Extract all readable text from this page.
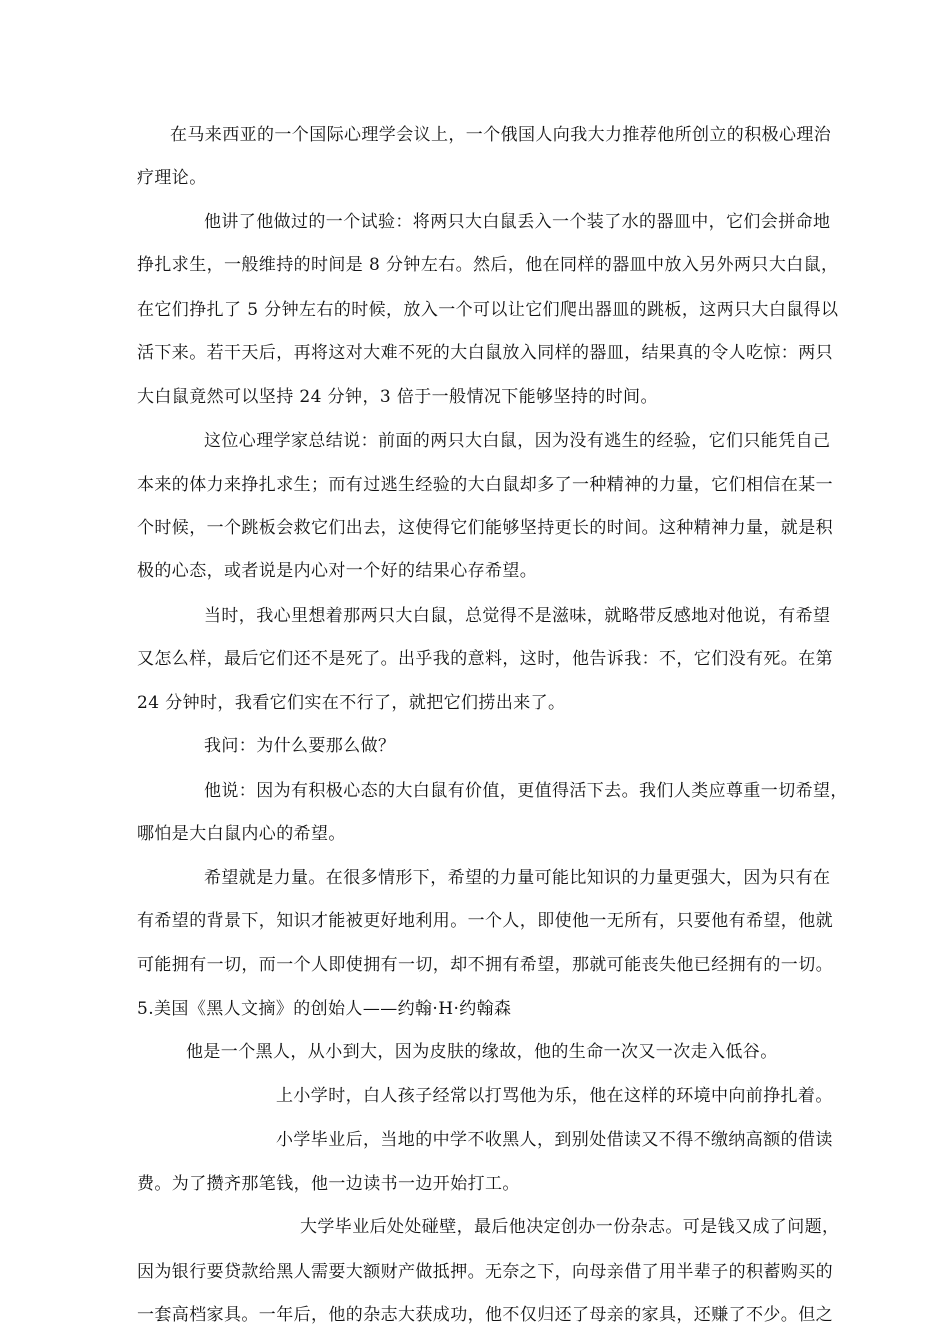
在马来西亚的一个国际心理学会议上，一个俄国人向我大力推荐他所创立的积极心理治
疗理论。
他讲了他做过的一个试验：将两只大白鼠丢入一个装了水的器皿中，它们会拼命地
挣扎求生，一般维持的时间是 8 分钟左右。然后，他在同样的器皿中放入另外两只大白鼠，
在它们挣扎了 5 分钟左右的时候，放入一个可以让它们爬出器皿的跳板，这两只大白鼠得以
活下来。若干天后，再将这对大难不死的大白鼠放入同样的器皿，结果真的令人吃惊：两只
大白鼠竟然可以坚持 24 分钟，3 倍于一般情况下能够坚持的时间。
这位心理学家总结说：前面的两只大白鼠，因为没有逃生的经验，它们只能凭自己
本来的体力来挣扎求生；而有过逃生经验的大白鼠却多了一种精神的力量，它们相信在某一
个时候，一个跳板会救它们出去，这使得它们能够坚持更长的时间。这种精神力量，就是积
极的心态，或者说是内心对一个好的结果心存希望。
当时，我心里想着那两只大白鼠，总觉得不是滋味，就略带反感地对他说，有希望
又怎么样，最后它们还不是死了。出乎我的意料，这时，他告诉我：不，它们没有死。在第
24 分钟时，我看它们实在不行了，就把它们捞出来了。
我问：为什么要那么做？
他说：因为有积极心态的大白鼠有价值，更值得活下去。我们人类应尊重一切希望，
哪怕是大白鼠内心的希望。
希望就是力量。在很多情形下，希望的力量可能比知识的力量更强大，因为只有在
有希望的背景下，知识才能被更好地利用。一个人，即使他一无所有，只要他有希望，他就
可能拥有一切，而一个人即使拥有一切，却不拥有希望，那就可能丧失他已经拥有的一切。
5.美国《黑人文摘》的创始人——约翰·H·约翰森
他是一个黑人，从小到大，因为皮肤的缘故，他的生命一次又一次走入低谷。
上小学时，白人孩子经常以打骂他为乐，他在这样的环境中向前挣扎着。
小学毕业后，当地的中学不收黑人，到别处借读又不得不缴纳高额的借读
费。为了攒齐那笔钱，他一边读书一边开始打工。
大学毕业后处处碰壁，最后他决定创办一份杂志。可是钱又成了问题，
因为银行要贷款给黑人需要大额财产做抵押。无奈之下，向母亲借了用半辈子的积蓄购买的
一套高档家具。一年后，他的杂志大获成功，他不仅归还了母亲的家具，还赚了不少。但之
